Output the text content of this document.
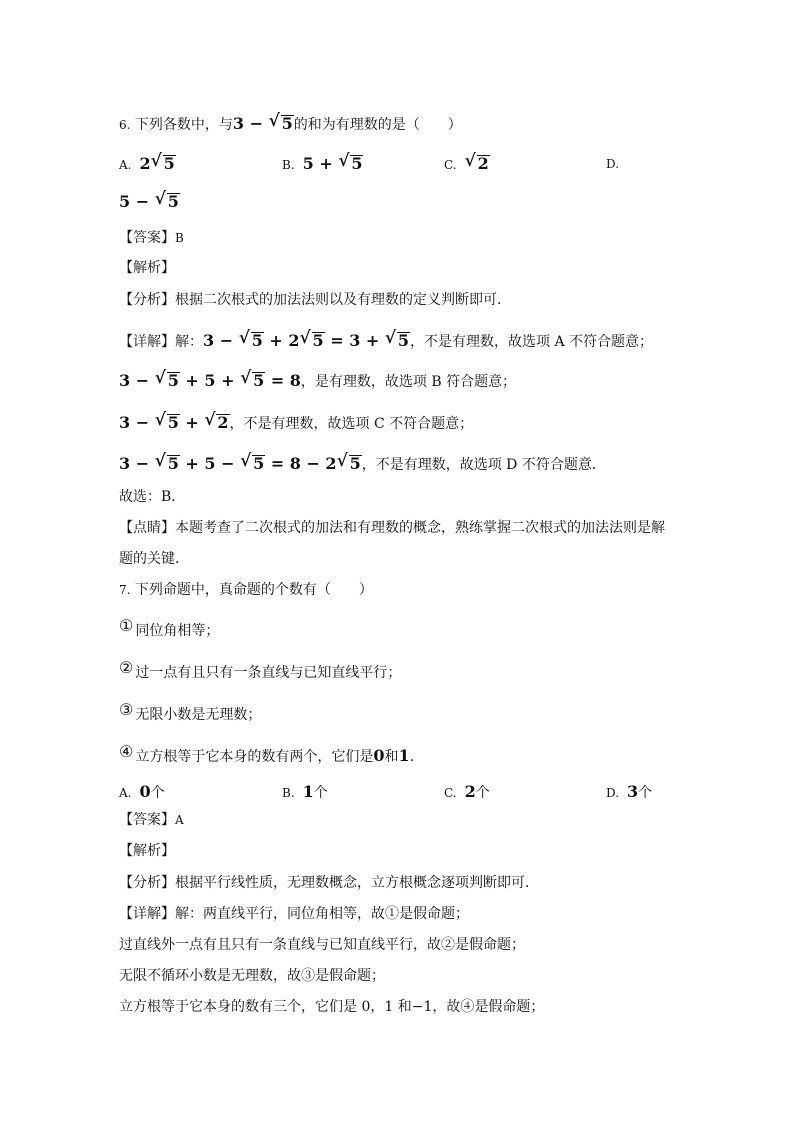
6. 下列各数中，与3 − √ 5的和为有理数的是（　　）
A. 2 √ 5	B. 5 + √ 5	C. √ 2	D.
5 − √ 5
【答案】B
【解析】
【分析】根据二次根式的加法法则以及有理数的定义判断即可．
【详解】解：3 − √ 5 + 2 √ 5 = 3 + √ 5，不是有理数，故选项 A 不符合题意；
3 − √ 5 + 5 + √ 5 = 8，是有理数，故选项 B 符合题意；
3 − √ 5 + √ 2，不是有理数，故选项 C 不符合题意；
3 − √ 5 + 5 − √ 5 = 8 − 2 √ 5，不是有理数，故选项 D 不符合题意．
故选：B．
【点睛】本题考查了二次根式的加法和有理数的概念，熟练掌握二次根式的加法法则是解
题的关键．
7. 下列命题中，真命题的个数有（　　）
① 同位角相等；
② 过一点有且只有一条直线与已知直线平行；
③ 无限小数是无理数；
④ 立方根等于它本身的数有两个，它们是0和1.
A. 0个	B. 1个	C. 2个	D. 3个
【答案】A
【解析】
【分析】根据平行线性质，无理数概念，立方根概念逐项判断即可．
【详解】解：两直线平行，同位角相等，故①是假命题；
过直线外一点有且只有一条直线与已知直线平行，故②是假命题；
无限不循环小数是无理数，故③是假命题；
立方根等于它本身的数有三个，它们是 0，1 和−1，故④是假命题；
